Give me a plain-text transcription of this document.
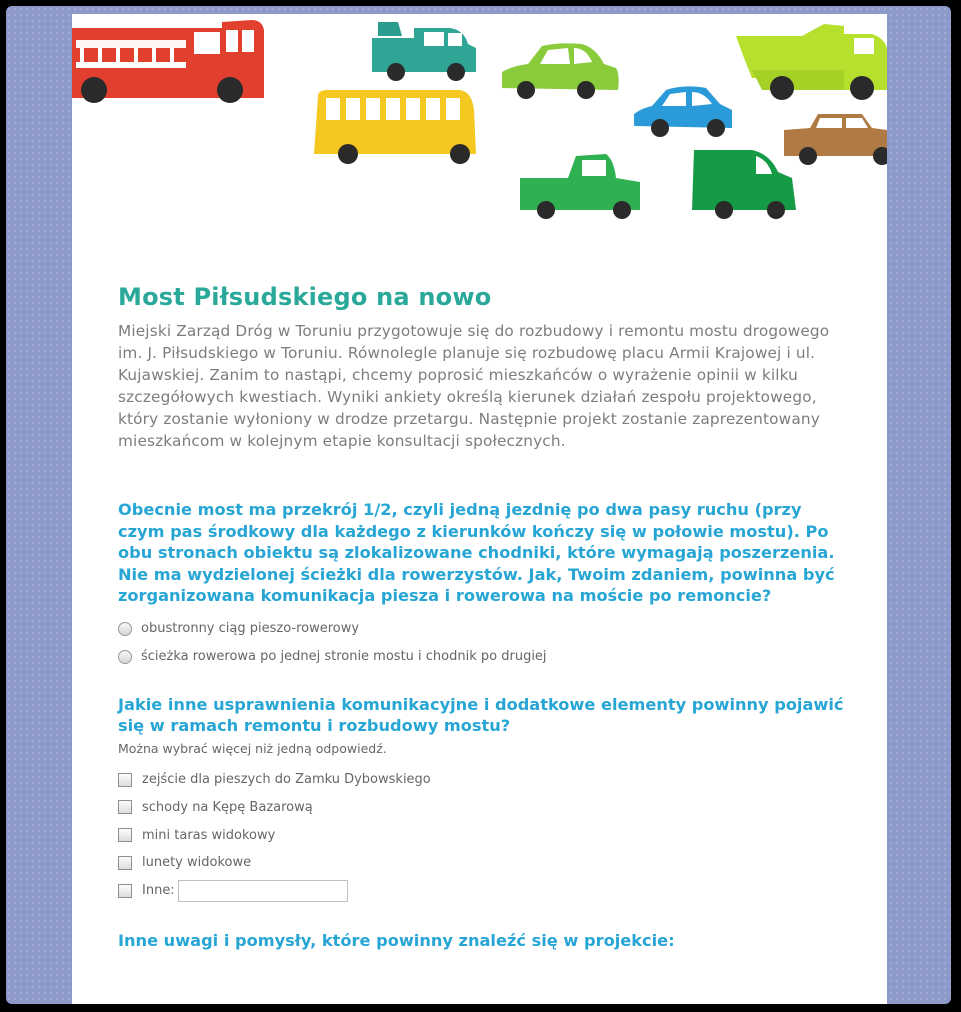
Most Piłsudskiego na nowo

Miejski Zarząd Dróg w Toruniu przygotowuje się do rozbudowy i remontu mostu drogowego im. J. Piłsudskiego w Toruniu. Równolegle planuje się rozbudowę placu Armii Krajowej i ul. Kujawskiej. Zanim to nastąpi, chcemy poprosić mieszkańców o wyrażenie opinii w kilku szczegółowych kwestiach. Wyniki ankiety określą kierunek działań zespołu projektowego, który zostanie wyłoniony w drodze przetargu. Następnie projekt zostanie zaprezentowany mieszkańcom w kolejnym etapie konsultacji społecznych.

Obecnie most ma przekrój 1/2, czyli jedną jezdnię po dwa pasy ruchu (przy czym pas środkowy dla każdego z kierunków kończy się w połowie mostu). Po obu stronach obiektu są zlokalizowane chodniki, które wymagają poszerzenia. Nie ma wydzielonej ścieżki dla rowerzystów. Jak, Twoim zdaniem, powinna być zorganizowana komunikacja piesza i rowerowa na moście po remoncie?

obustronny ciąg pieszo-rowerowy
ścieżka rowerowa po jednej stronie mostu i chodnik po drugiej

Jakie inne usprawnienia komunikacyjne i dodatkowe elementy powinny pojawić się w ramach remontu i rozbudowy mostu?

Można wybrać więcej niż jedną odpowiedź.
zejście dla pieszych do Zamku Dybowskiego
schody na Kępę Bazarową
mini taras widokowy
lunety widokowe
Inne:

Inne uwagi i pomysły, które powinny znaleźć się w projekcie:
